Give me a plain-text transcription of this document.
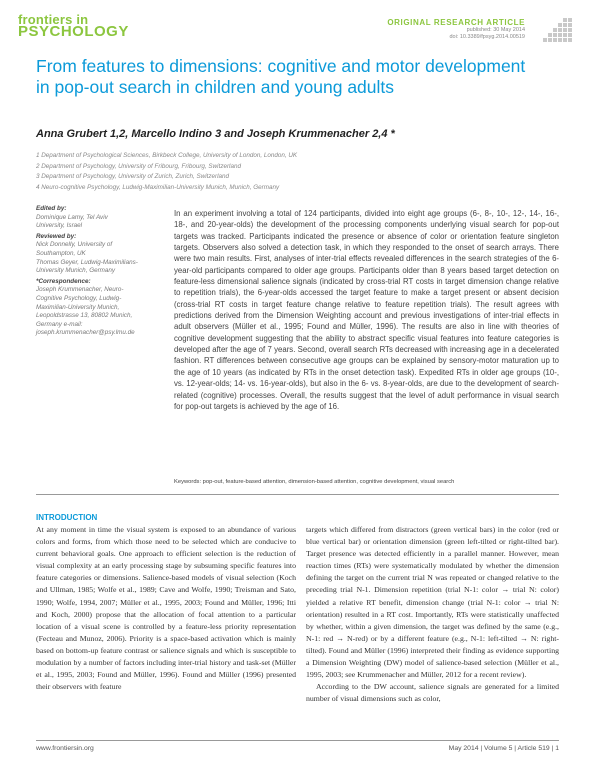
frontiers in
PSYCHOLOGY
ORIGINAL RESEARCH ARTICLE
published: 30 May 2014
doi: 10.3389/fpsyg.2014.00519
From features to dimensions: cognitive and motor development in pop-out search in children and young adults
Anna Grubert 1,2, Marcello Indino 3 and Joseph Krummenacher 2,4 *
1 Department of Psychological Sciences, Birkbeck College, University of London, London, UK
2 Department of Psychology, University of Fribourg, Fribourg, Switzerland
3 Department of Psychology, University of Zurich, Zurich, Switzerland
4 Neuro-cognitive Psychology, Ludwig-Maximilian-University Munich, Munich, Germany
Edited by:
Dominique Lamy, Tel Aviv University, Israel
Reviewed by:
Nick Donnelly, University of Southampton, UK
Thomas Geyer, Ludwig-Maximilians-University Munich, Germany
*Correspondence:
Joseph Krummenacher, Neuro-Cognitive Psychology, Ludwig-Maximilian-University Munich, Leopoldstrasse 13, 80802 Munich, Germany e-mail: joseph.krummenacher@psy.lmu.de
In an experiment involving a total of 124 participants, divided into eight age groups (6-, 8-, 10-, 12-, 14-, 16-, 18-, and 20-year-olds) the development of the processing components underlying visual search for pop-out targets was tracked. Participants indicated the presence or absence of color or orientation feature singleton targets. Observers also solved a detection task, in which they responded to the onset of search arrays. There were two main results. First, analyses of inter-trial effects revealed differences in the search strategies of the 6-year-old participants compared to older age groups. Participants older than 8 years based target detection on feature-less dimensional salience signals (indicated by cross-trial RT costs in target dimension change relative to repetition trials), the 6-year-olds accessed the target feature to make a target present or absent decision (cross-trial RT costs in target feature change relative to feature repetition trials). The result agrees with predictions derived from the Dimension Weighting account and previous investigations of inter-trial effects in adult observers (Müller et al., 1995; Found and Müller, 1996). The results are also in line with theories of cognitive development suggesting that the ability to abstract specific visual features into feature categories is developed after the age of 7 years. Second, overall search RTs decreased with increasing age in a decelerated fashion. RT differences between consecutive age groups can be explained by sensory-motor maturation up to the age of 10 years (as indicated by RTs in the onset detection task). Expedited RTs in older age groups (10-, vs. 12-year-olds; 14- vs. 16-year-olds), but also in the 6- vs. 8-year-olds, are due to the development of search-related (cognitive) processes. Overall, the results suggest that the level of adult performance in visual search for pop-out targets is achieved by the age of 16.
Keywords: pop-out, feature-based attention, dimension-based attention, cognitive development, visual search
INTRODUCTION

At any moment in time the visual system is exposed to an abundance of various colors and forms, from which those need to be selected which are conducive to current behavioral goals. One approach to efficient selection is the reduction of visual complexity at an early processing stage by subsuming specific features into feature categories or dimensions. Salience-based models of visual selection (Koch and Ullman, 1985; Wolfe et al., 1989; Cave and Wolfe, 1990; Treisman and Sato, 1990; Wolfe, 1994, 2007; Müller et al., 1995, 2003; Found and Müller, 1996; Itti and Koch, 2000) propose that the allocation of focal attention to a particular location of a visual scene is controlled by a feature-less priority representation (Fecteau and Munoz, 2006). Priority is a space-based activation which is mainly based on bottom-up feature contrast or salience signals and which is susceptible to modulation by a number of factors including inter-trial history and task-set (Müller et al., 1995, 2003; Found and Müller, 1996). Found and Müller (1996) presented their observers with feature

targets which differed from distractors (green vertical bars) in the color (red or blue vertical bar) or orientation dimension (green left-tilted or right-tilted bar). Target presence was detected efficiently in a parallel manner. However, mean reaction times (RTs) were systematically modulated by whether the dimension defining the target on the current trial N was repeated or changed relative to the preceding trial N-1. Dimension repetition (trial N-1: color → trial N: color) yielded a relative RT benefit, dimension change (trial N-1: color → trial N: orientation) resulted in a RT cost. Importantly, RTs were statistically unaffected by whether, within a given dimension, the target was defined by the same (e.g., N-1: red → N-red) or by a different feature (e.g., N-1: left-tilted → N: right-tilted). Found and Müller (1996) interpreted their finding as evidence supporting a Dimension Weighting (DW) model of salience-based selection (Müller et al., 1995, 2003; see Krummenacher and Müller, 2012 for a recent review).

According to the DW account, salience signals are generated for a limited number of visual dimensions such as color,

www.frontiersin.org	May 2014 | Volume 5 | Article 519 | 1
